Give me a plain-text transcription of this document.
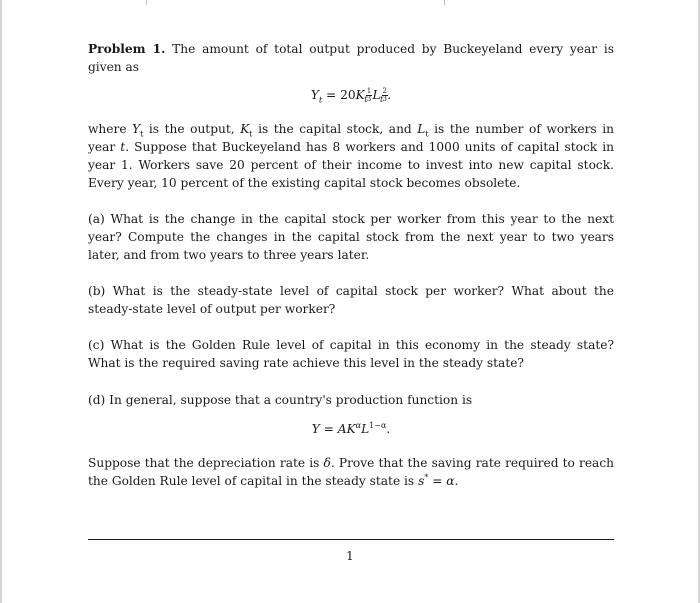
Problem 1. The amount of total output produced by Buckeyeland every year is given as

$Y_t = 20K \frac{1}{3}$
$_t$ L $\frac{2}{3}$
$_t$ .

where $Y_t$ is the output, $K_t$ is the capital stock, and $L_t$ is the number of workers in year t. Suppose that Buckeyeland has 8 workers and 1000 units of capital stock in year 1. Workers save 20 percent of their income to invest into new capital stock. Every year, 10 percent of the existing capital stock becomes obsolete.

(a) What is the change in the capital stock per worker from this year to the next year? Compute the changes in the capital stock from the next year to two years later, and from two years to three years later.

(b) What is the steady-state level of capital stock per worker? What about the steady-state level of output per worker?

(c) What is the Golden Rule level of capital in this economy in the steady state? What is the required saving rate achieve this level in the steady state?

(d) In general, suppose that a country's production function is

$Y = AK^\alpha L^{1-\alpha}$.

Suppose that the depreciation rate is δ. Prove that the saving rate required to reach the Golden Rule level of capital in the steady state is s* = α.

1
